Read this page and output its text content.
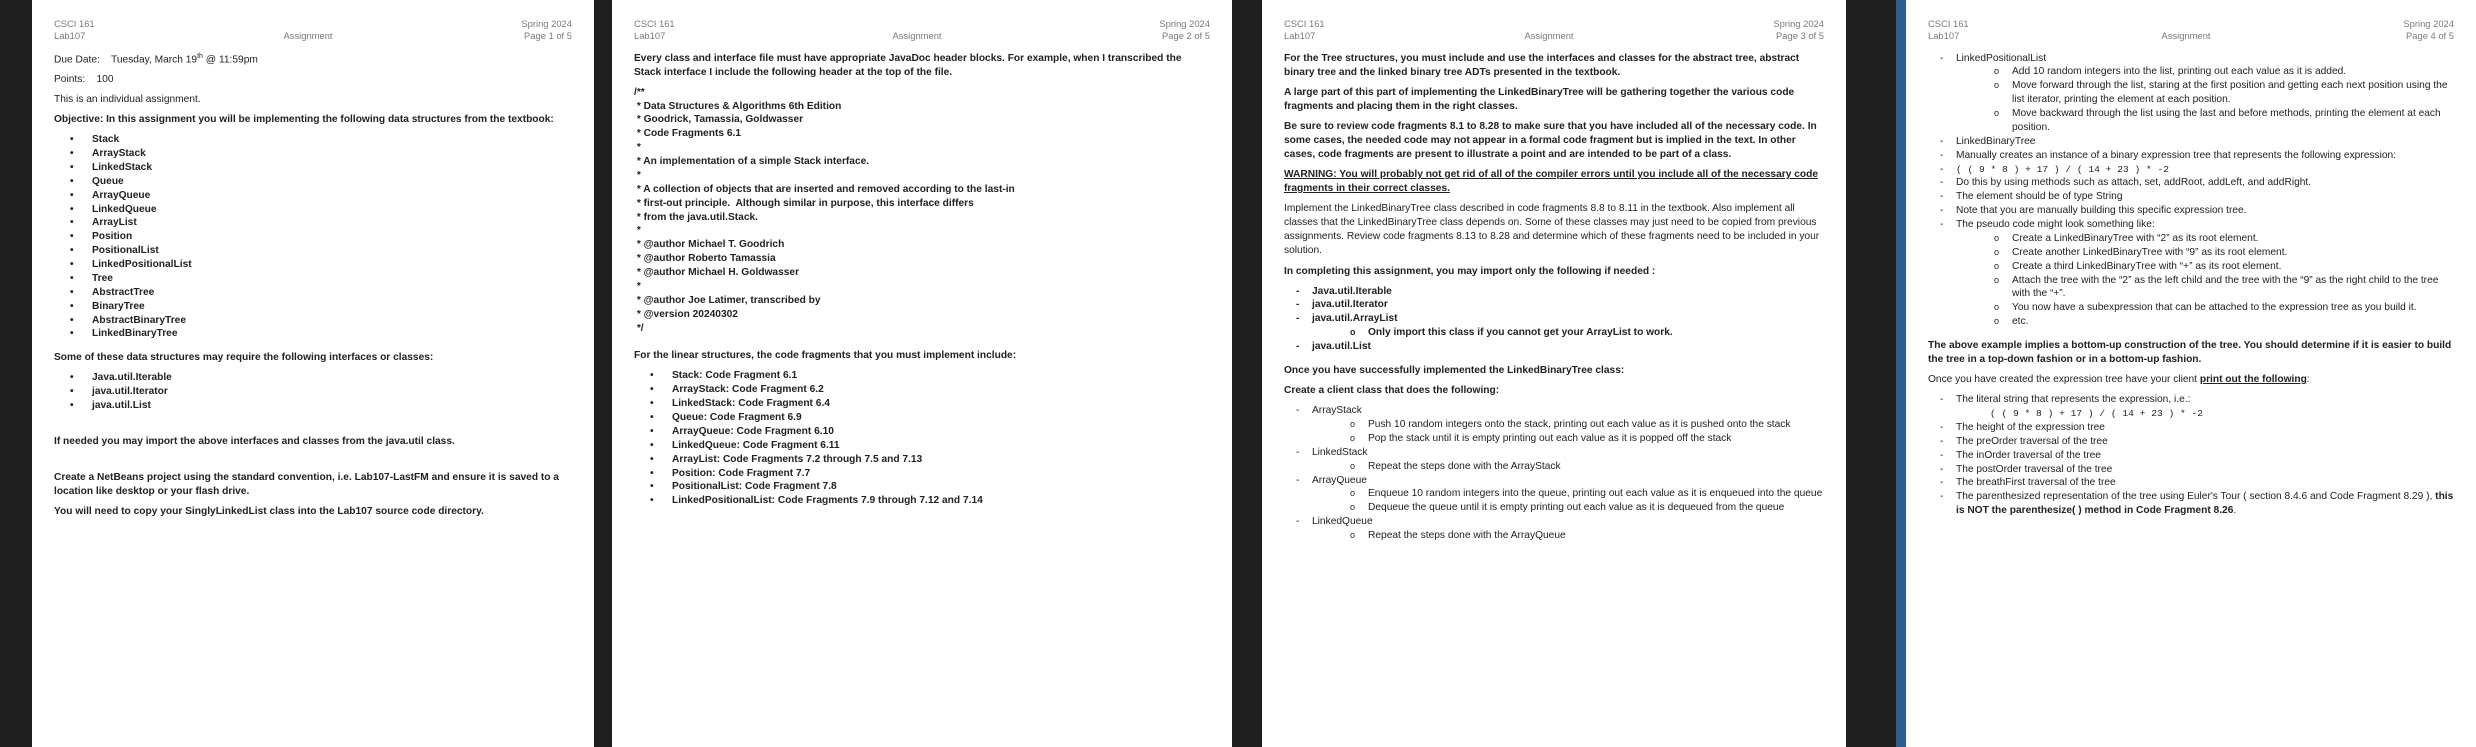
CSCI 161
Lab107	Assignment
Spring 2024
Page 1 of 5

Due Date: Tuesday, March 19th @ 11:59pm

Points: 100

This is an individual assignment.

Objective: In this assignment you will be implementing the following data structures from the textbook:

• Stack
• ArrayStack
• LinkedStack
• Queue
• ArrayQueue
• LinkedQueue
• ArrayList
• Position
• PositionalList
• LinkedPositionalList
• Tree
• AbstractTree
• BinaryTree
• AbstractBinaryTree
• LinkedBinaryTree

Some of these data structures may require the following interfaces or classes:

• Java.util.Iterable
• java.util.Iterator
• java.util.List

If needed you may import the above interfaces and classes from the java.util class.

Create a NetBeans project using the standard convention, i.e. Lab107-LastFM and ensure it is saved to a location like desktop or your flash drive.

You will need to copy your SinglyLinkedList class into the Lab107 source code directory.

CSCI 161
Lab107	Assignment
Spring 2024
Page 2 of 5

Every class and interface file must have appropriate JavaDoc header blocks. For example, when I transcribed the Stack interface I include the following header at the top of the file.

/**
* Data Structures & Algorithms 6th Edition
* Goodrick, Tamassia, Goldwasser
* Code Fragments 6.1
*
* An implementation of a simple Stack interface.
*
* A collection of objects that are inserted and removed according to the last-in
* first-out principle.  Although similar in purpose, this interface differs
* from the java.util.Stack.
*
* @author Michael T. Goodrich
* @author Roberto Tamassia
* @author Michael H. Goldwasser
*
* @author Joe Latimer, transcribed by
* @version 20240302
*/

For the linear structures, the code fragments that you must implement include:

• Stack: Code Fragment 6.1
• ArrayStack: Code Fragment 6.2
• LinkedStack: Code Fragment 6.4
• Queue: Code Fragment 6.9
• ArrayQueue: Code Fragment 6.10
• LinkedQueue: Code Fragment 6.11
• ArrayList: Code Fragments 7.2 through 7.5 and 7.13
• Position: Code Fragment 7.7
• PositionalList: Code Fragment 7.8
• LinkedPositionalList: Code Fragments 7.9 through 7.12 and 7.14
CSCI 161
Lab107	Assignment
Spring 2024
Page 3 of 5

For the Tree structures, you must include and use the interfaces and classes for the abstract tree, abstract binary tree and the linked binary tree ADTs presented in the textbook.

A large part of this part of implementing the LinkedBinaryTree will be gathering together the various code fragments and placing them in the right classes.

Be sure to review code fragments 8.1 to 8.28 to make sure that you have included all of the necessary code. In some cases, the needed code may not appear in a formal code fragment but is implied in the text. In other cases, code fragments are present to illustrate a point and are intended to be part of a class.

WARNING: You will probably not get rid of all of the compiler errors until you include all of the necessary code fragments in their correct classes.

Implement the LinkedBinaryTree class described in code fragments 8.8 to 8.11 in the textbook. Also implement all classes that the LinkedBinaryTree class depends on. Some of these classes may just need to be copied from previous assignments. Review code fragments 8.13 to 8.28 and determine which of these fragments need to be included in your solution.

In completing this assignment, you may import only the following if needed :

- Java.util.Iterable
- java.util.Iterator
- java.util.ArrayList
o Only import this class if you cannot get your ArrayList to work.
- java.util.List

Once you have successfully implemented the LinkedBinaryTree class:

Create a client class that does the following:

- ArrayStack
o Push 10 random integers onto the stack, printing out each value as it is pushed onto the stack
o Pop the stack until it is empty printing out each value as it is popped off the stack
- LinkedStack
o Repeat the steps done with the ArrayStack
- ArrayQueue
o Enqueue 10 random integers into the queue, printing out each value as it is enqueued into the queue
o Dequeue the queue until it is empty printing out each value as it is dequeued from the queue
- LinkedQueue
o Repeat the steps done with the ArrayQueue
CSCI 161
Lab107	Assignment
Spring 2024
Page 4 of 5
- LinkedPositionalList
o Add 10 random integers into the list, printing out each value as it is added.
o Move forward through the list, staring at the first position and getting each next position using the list iterator, printing the element at each position.
o Move backward through the list using the last and before methods, printing the element at each position.
- LinkedBinaryTree
- Manually creates an instance of a binary expression tree that represents the following expression:
- ( ( 9 * 8 ) + 17 ) / ( 14 + 23 ) * -2
- Do this by using methods such as attach, set, addRoot, addLeft, and addRight.
- The element should be of type String
- Note that you are manually building this specific expression tree.
- The pseudo code might look something like:
o Create a LinkedBinaryTree with “2” as its root element.
o Create another LinkedBinaryTree with “9” as its root element.
o Create a third LinkedBinaryTree with “+” as its root element.
o Attach the tree with the “2” as the left child and the tree with the “9” as the right child to the tree with the “+”.
o You now have a subexpression that can be attached to the expression tree as you build it.
o etc.

The above example implies a bottom-up construction of the tree. You should determine if it is easier to build the tree in a top-down fashion or in a bottom-up fashion.

Once you have created the expression tree have your client print out the following:

- The literal string that represents the expression, i.e.:
( ( 9 * 8 ) + 17 ) / ( 14 + 23 ) * -2
- The height of the expression tree
- The preOrder traversal of the tree
- The inOrder traversal of the tree
- The postOrder traversal of the tree
- The breathFirst traversal of the tree
- The parenthesized representation of the tree using Euler's Tour ( section 8.4.6 and Code Fragment 8.29 ), this is NOT the parenthesize( ) method in Code Fragment 8.26.
